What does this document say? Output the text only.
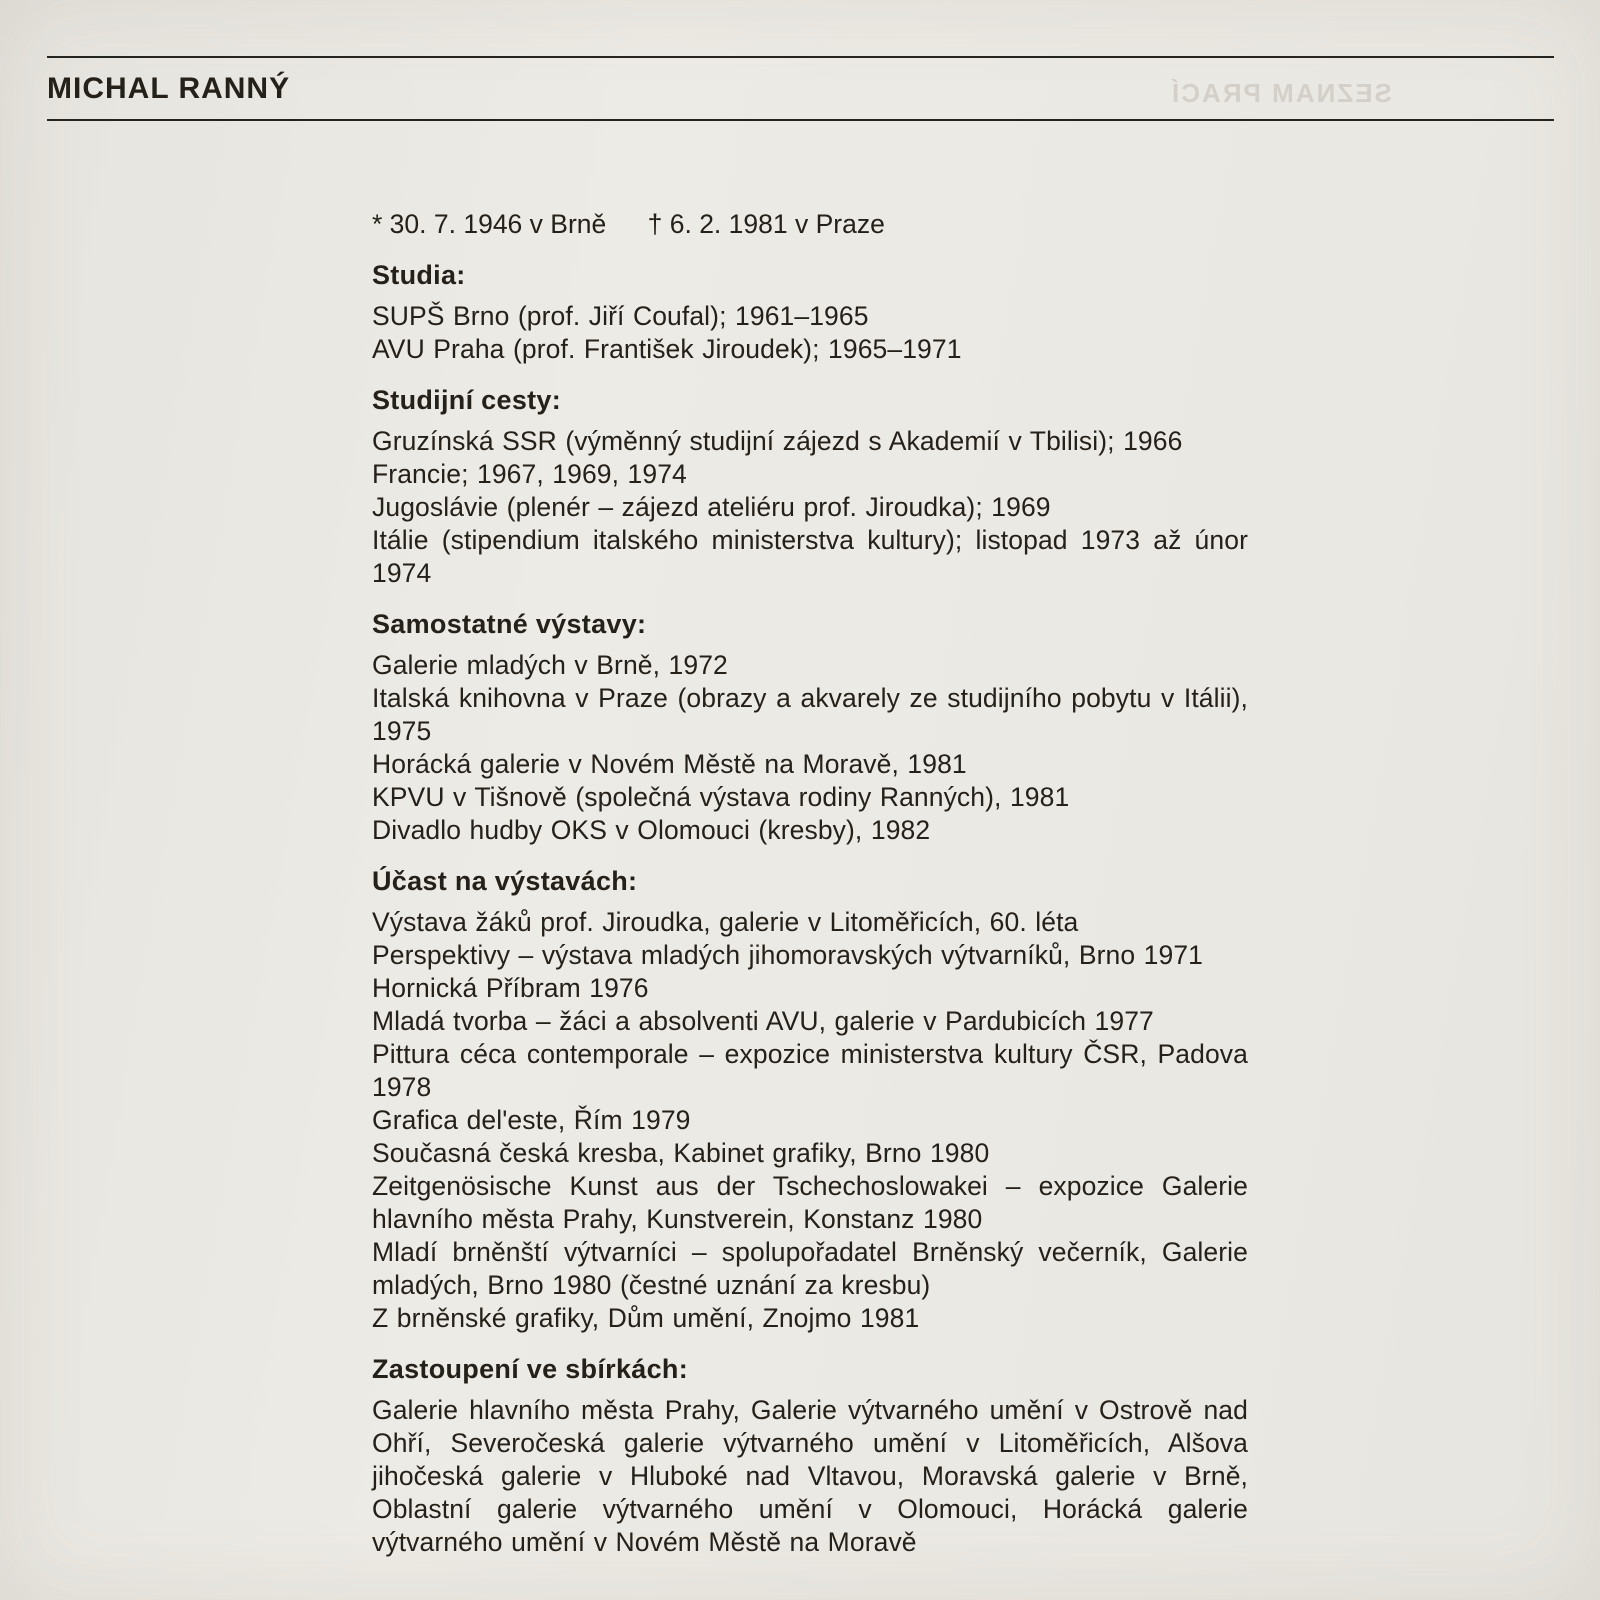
MICHAL RANNÝ	SEZNAM PRACÍ

* 30. 7. 1946 v Brně † 6. 2. 1981 v Praze

Studia:

SUPŠ Brno (prof. Jiří Coufal); 1961–1965

AVU Praha (prof. František Jiroudek); 1965–1971

Studijní cesty:

Gruzínská SSR (výměnný studijní zájezd s Akademií v Tbilisi); 1966

Francie; 1967, 1969, 1974

Jugoslávie (plenér – zájezd ateliéru prof. Jiroudka); 1969

Itálie (stipendium italského ministerstva kultury); listopad 1973 až únor 1974

Samostatné výstavy:

Galerie mladých v Brně, 1972

Italská knihovna v Praze (obrazy a akvarely ze studijního pobytu v Itálii), 1975

Horácká galerie v Novém Městě na Moravě, 1981

KPVU v Tišnově (společná výstava rodiny Ranných), 1981

Divadlo hudby OKS v Olomouci (kresby), 1982

Účast na výstavách:

Výstava žáků prof. Jiroudka, galerie v Litoměřicích, 60. léta

Perspektivy – výstava mladých jihomoravských výtvarníků, Brno 1971

Hornická Příbram 1976

Mladá tvorba – žáci a absolventi AVU, galerie v Pardubicích 1977

Pittura céca contemporale – expozice ministerstva kultury ČSR, Padova 1978

Grafica del'este, Řím 1979

Současná česká kresba, Kabinet grafiky, Brno 1980

Zeitgenösische Kunst aus der Tschechoslowakei – expozice Galerie hlavního města Prahy, Kunstverein, Konstanz 1980

Mladí brněnští výtvarníci – spolupořadatel Brněnský večerník, Galerie mladých, Brno 1980 (čestné uznání za kresbu)

Z brněnské grafiky, Dům umění, Znojmo 1981

Zastoupení ve sbírkách:

Galerie hlavního města Prahy, Galerie výtvarného umění v Ostrově nad Ohří, Severočeská galerie výtvarného umění v Litoměřicích, Alšova jihočeská galerie v Hluboké nad Vltavou, Moravská galerie v Brně, Oblastní galerie výtvarného umění v Olomouci, Horácká galerie výtvarného umění v Novém Městě na Moravě
